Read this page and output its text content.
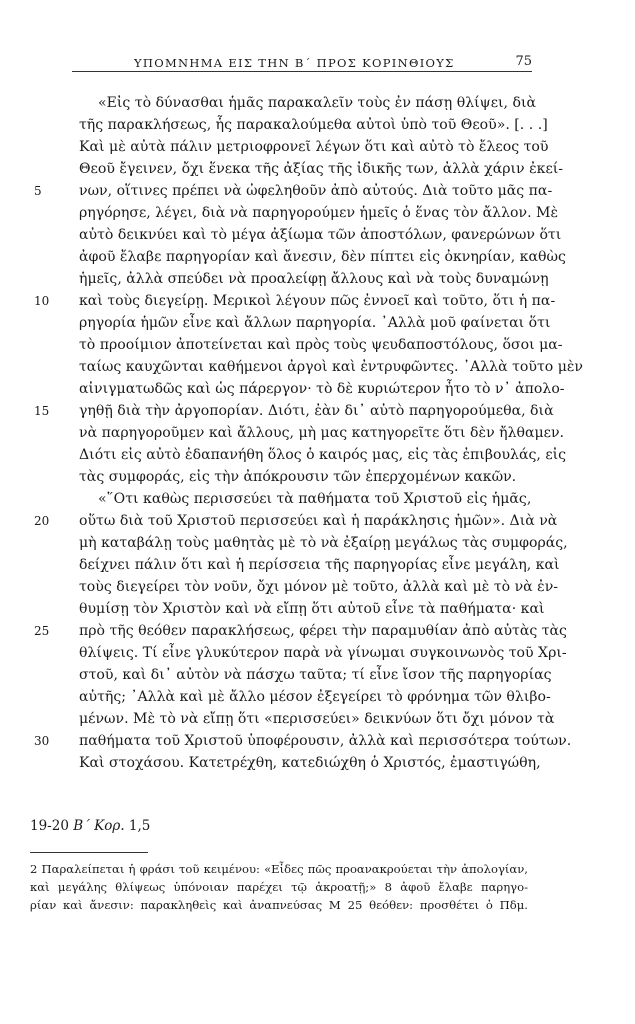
ΥΠΟΜΝΗΜΑ ΕΙΣ ΤΗΝ Β΄ ΠΡΟΣ ΚΟΡΙΝΘΙΟΥΣ	75
«Εἰς τὸ δύνασθαι ἡμᾶς παρακαλεῖν τοὺς ἐν πάσῃ θλίψει, διὰ
τῆς παρακλήσεως, ἧς παρακαλούμεθα αὐτοὶ ὑπὸ τοῦ Θεοῦ». [. . .]
Καὶ μὲ αὐτὰ πάλιν μετριοφρονεῖ λέγων ὅτι καὶ αὐτὸ τὸ ἔλεος τοῦ
Θεοῦ ἔγεινεν, ὄχι ἕνεκα τῆς ἀξίας τῆς ἰδικῆς των, ἀλλὰ χάριν ἐκεί-
5	νων, οἵτινες πρέπει νὰ ὠφεληθοῦν ἀπὸ αὐτούς. Διὰ τοῦτο μᾶς πα-
ρηγόρησε, λέγει, διὰ νὰ παρηγορούμεν ἡμεῖς ὁ ἕνας τὸν ἄλλον. Μὲ
αὐτὸ δεικνύει καὶ τὸ μέγα ἀξίωμα τῶν ἀποστόλων, φανερώνων ὅτι
ἀφοῦ ἔλαβε παρηγορίαν καὶ ἄνεσιν, δὲν πίπτει εἰς ὀκνηρίαν, καθὼς
ἡμεῖς, ἀλλὰ σπεύδει νὰ προαλείφῃ ἄλλους καὶ νὰ τοὺς δυναμώνῃ
10	καὶ τοὺς διεγείρῃ. Μερικοὶ λέγουν πῶς ἐννοεῖ καὶ τοῦτο, ὅτι ἡ πα-
ρηγορία ἡμῶν εἶνε καὶ ἄλλων παρηγορία. ᾿Αλλὰ μοῦ φαίνεται ὅτι
τὸ προοίμιον ἀποτείνεται καὶ πρὸς τοὺς ψευδαποστόλους, ὅσοι μα-
ταίως καυχῶνται καθήμενοι ἀργοὶ καὶ ἐντρυφῶντες. ᾿Αλλὰ τοῦτο μὲν
αἰνιγματωδῶς καὶ ὡς πάρεργον· τὸ δὲ κυριώτερον ἦτο τὸ ν᾿ ἀπολο-
15	γηθῇ διὰ τὴν ἀργοπορίαν. Διότι, ἐὰν δι᾿ αὐτὸ παρηγορούμεθα, διὰ
νὰ παρηγοροῦμεν καὶ ἄλλους, μὴ μας κατηγορεῖτε ὅτι δὲν ἤλθαμεν.
Διότι εἰς αὐτὸ ἐδαπανήθη ὅλος ὁ καιρός μας, εἰς τὰς ἐπιβουλάς, εἰς
τὰς συμφοράς, εἰς τὴν ἀπόκρουσιν τῶν ἐπερχομένων κακῶν.
«῞Οτι καθὼς περισσεύει τὰ παθήματα τοῦ Χριστοῦ εἰς ἡμᾶς,
20	οὕτω διὰ τοῦ Χριστοῦ περισσεύει καὶ ἡ παράκλησις ἡμῶν». Διὰ νὰ
μὴ καταβάλῃ τοὺς μαθητὰς μὲ τὸ νὰ ἐξαίρῃ μεγάλως τὰς συμφοράς,
δείχνει πάλιν ὅτι καὶ ἡ περίσσεια τῆς παρηγορίας εἶνε μεγάλη, καὶ
τοὺς διεγείρει τὸν νοῦν, ὄχι μόνον μὲ τοῦτο, ἀλλὰ καὶ μὲ τὸ νὰ ἐν-
θυμίσῃ τὸν Χριστὸν καὶ νὰ εἴπῃ ὅτι αὐτοῦ εἶνε τὰ παθήματα· καὶ
25	πρὸ τῆς θεόθεν παρακλήσεως, φέρει τὴν παραμυθίαν ἀπὸ αὐτὰς τὰς
θλίψεις. Τί εἶνε γλυκύτερον παρὰ νὰ γίνωμαι συγκοινωνὸς τοῦ Χρι-
στοῦ, καὶ δι᾿ αὐτὸν νὰ πάσχω ταῦτα; τί εἶνε ἴσον τῆς παρηγορίας
αὐτῆς; ᾿Αλλὰ καὶ μὲ ἄλλο μέσον ἐξεγείρει τὸ φρόνημα τῶν θλιβο-
μένων. Μὲ τὸ νὰ εἴπῃ ὅτι «περισσεύει» δεικνύων ὅτι ὄχι μόνον τὰ
30	παθήματα τοῦ Χριστοῦ ὑποφέρουσιν, ἀλλὰ καὶ περισσότερα τούτων.
Καὶ στοχάσου. Κατετρέχθη, κατεδιώχθη ὁ Χριστός, ἐμαστιγώθη,
19-20 Β΄ Κορ. 1,5
2 Παραλείπεται ἡ φράσι τοῦ κειμένου: «Εἶδες πῶς προανακρούεται τὴν ἀπολογίαν,
καὶ μεγάλης θλίψεως ὑπόνοιαν παρέχει τῷ ἀκροατῇ;» 8 ἀφοῦ ἔλαβε παρηγο-
ρίαν καὶ ἄνεσιν: παρακληθεὶς καὶ ἀναπνεύσας Μ 25 θεόθεν: προσθέτει ὁ Πδμ.
